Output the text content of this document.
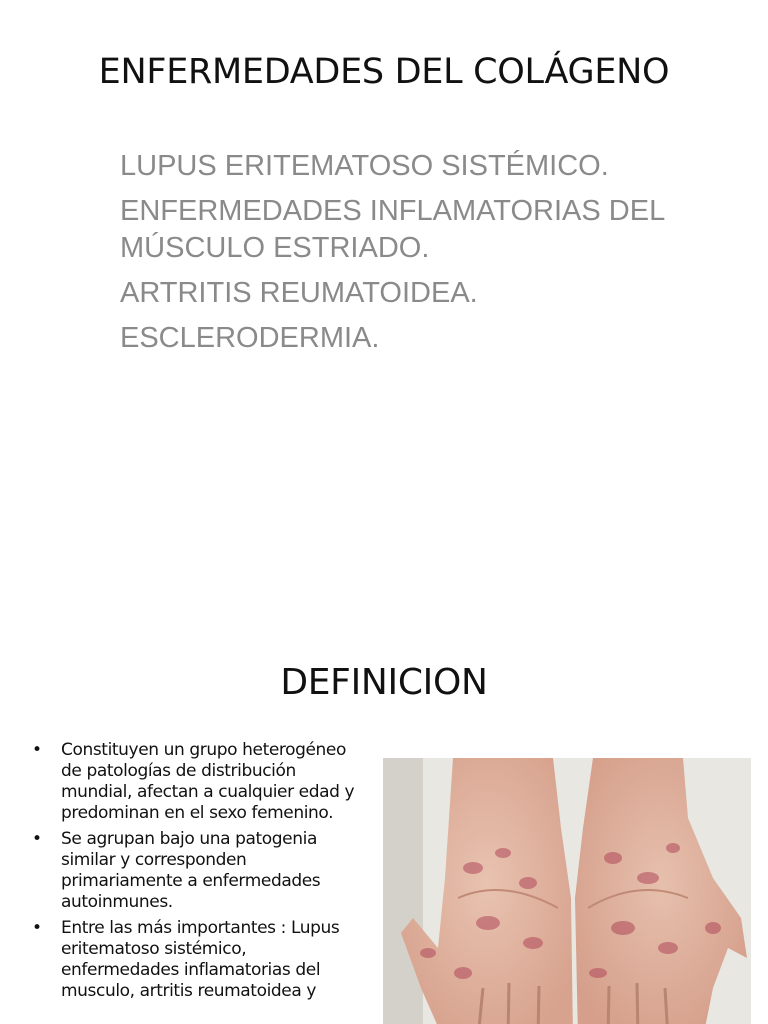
ENFERMEDADES DEL COLÁGENO
LUPUS ERITEMATOSO SISTÉMICO.
ENFERMEDADES INFLAMATORIAS DEL MÚSCULO ESTRIADO.
ARTRITIS REUMATOIDEA.
ESCLERODERMIA.
DEFINICION
• Constituyen un grupo heterogéneo de patologías de distribución mundial, afectan a cualquier edad y predominan en el sexo femenino.
• Se agrupan bajo una patogenia similar y corresponden primariamente a enfermedades autoinmunes.
• Entre las más importantes : Lupus eritematoso sistémico, enfermedades inflamatorias del musculo, artritis reumatoidea y
